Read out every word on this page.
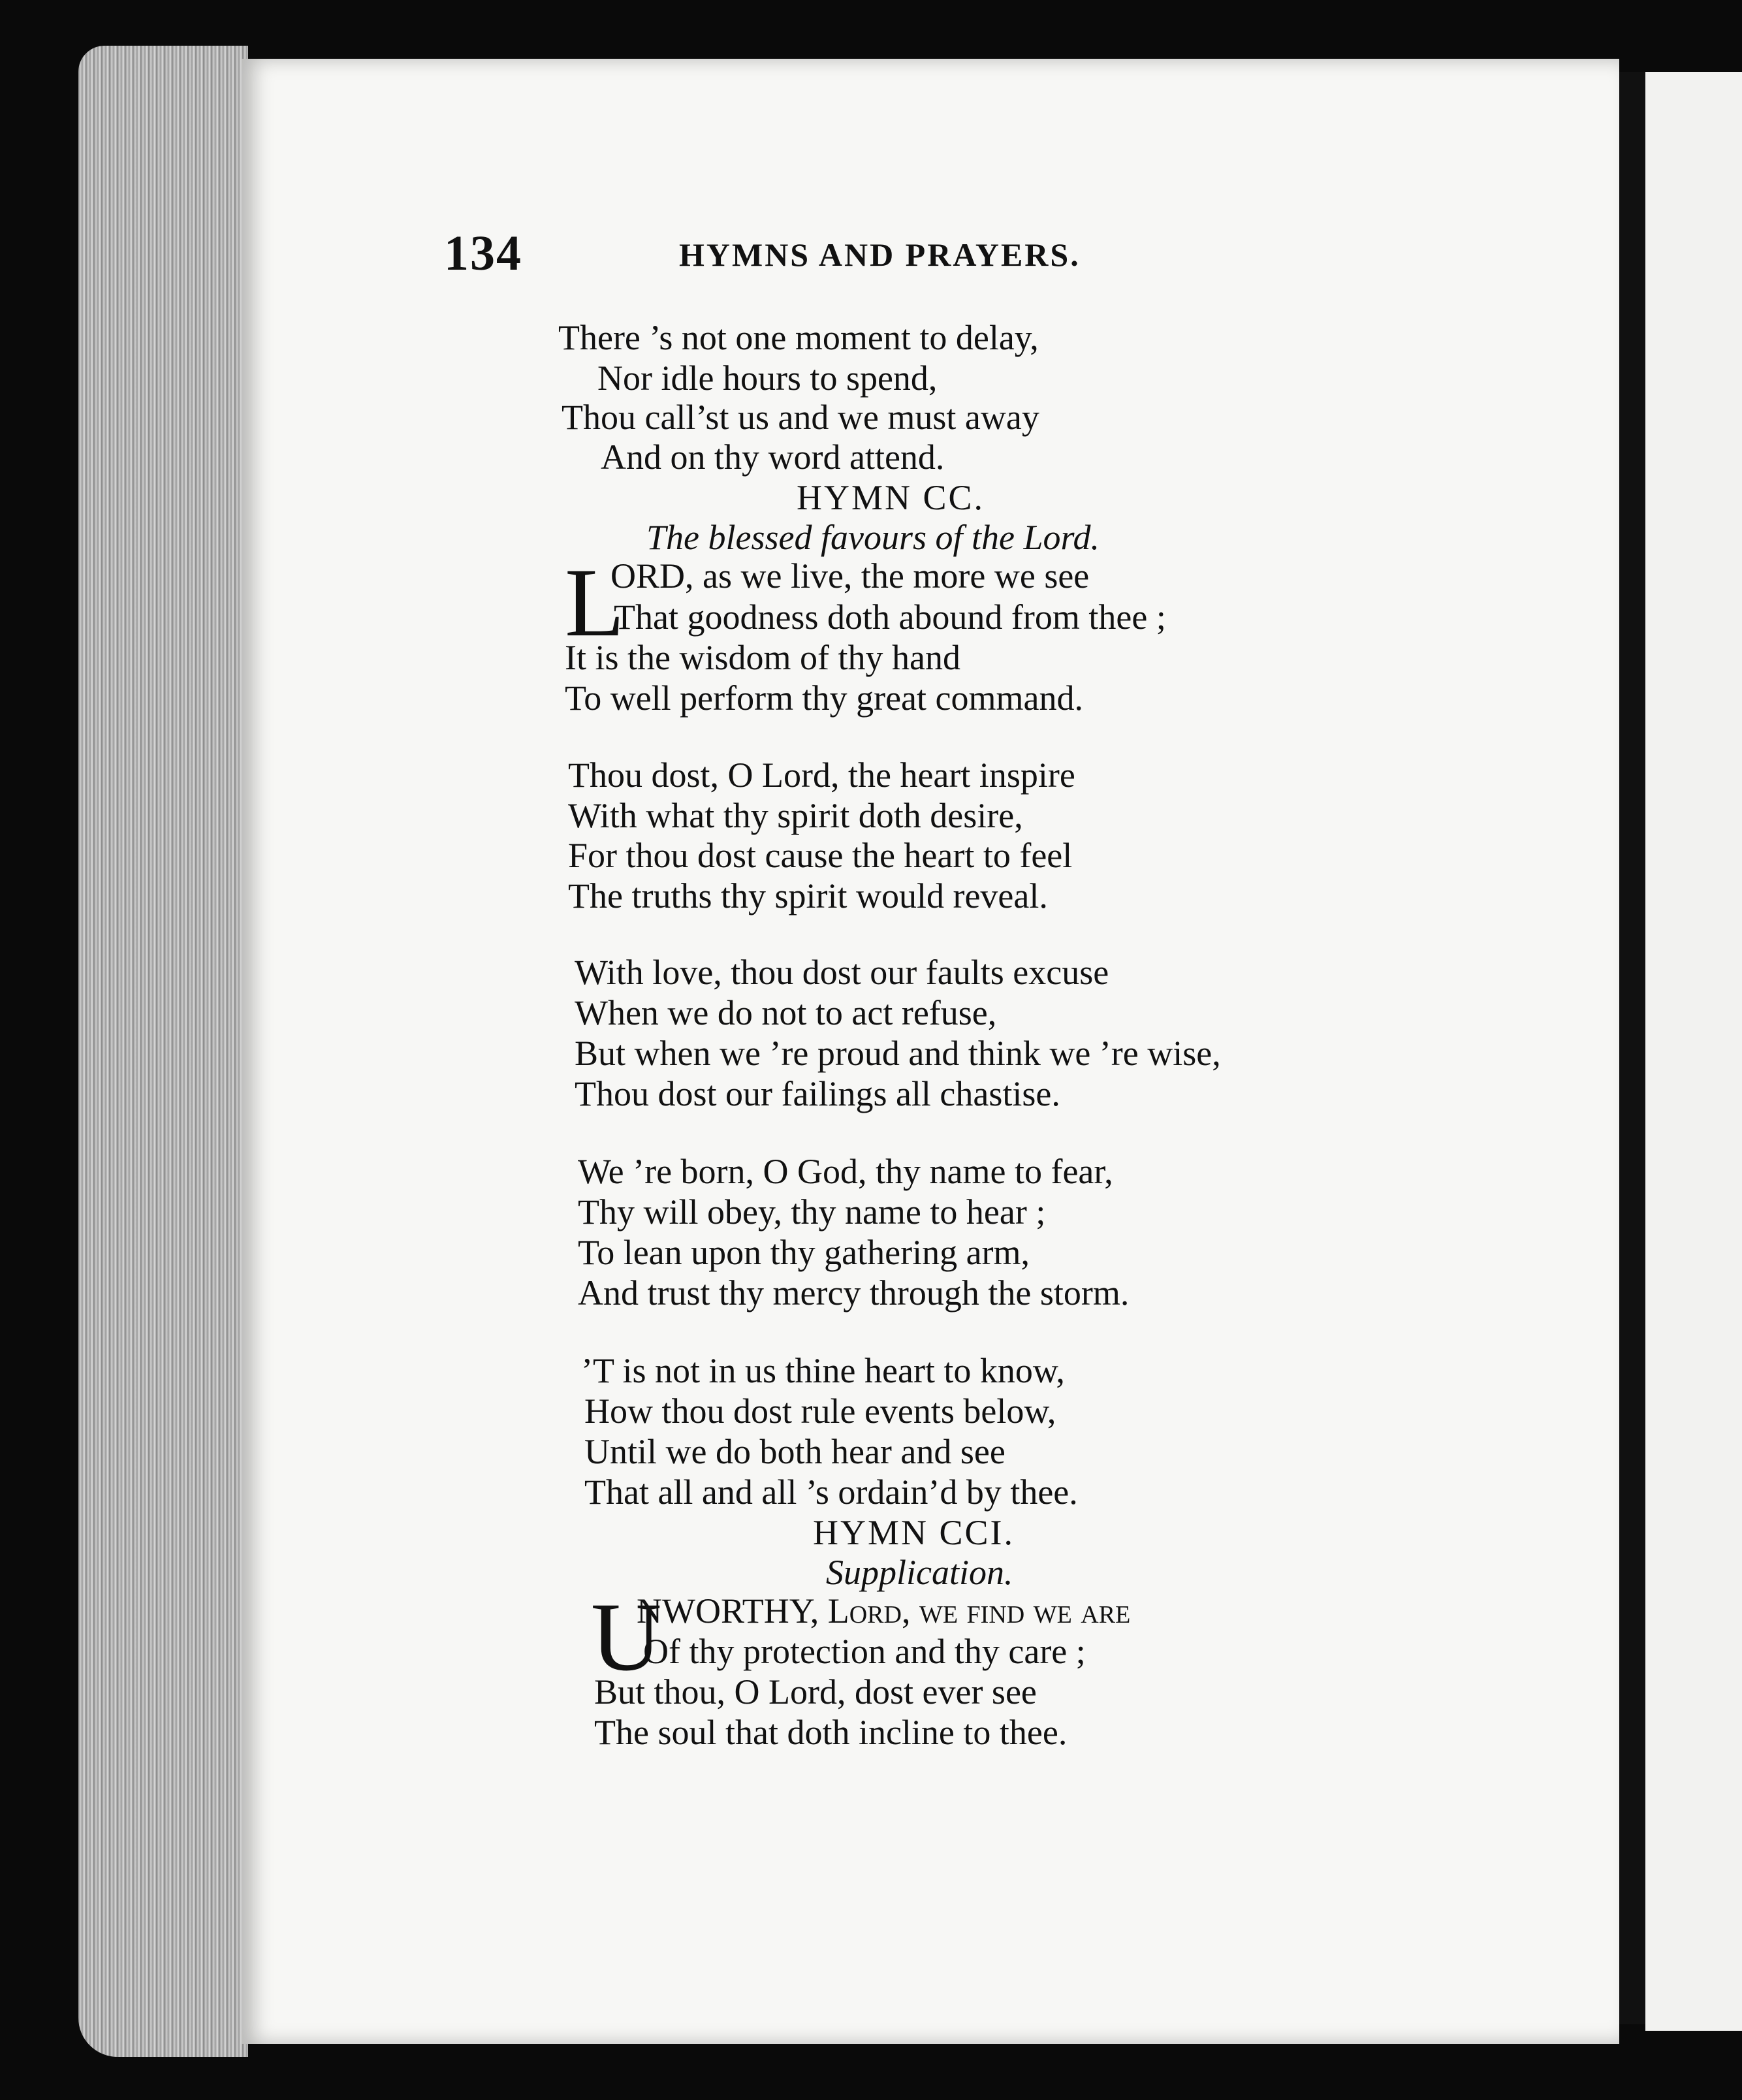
134	HYMNS AND PRAYERS.
There ’s not one moment to delay,
Nor idle hours to spend,
Thou call’st us and we must away
And on thy word attend.
HYMN CC.
The blessed favours of the Lord.
L
ORD, as we live, the more we see
That goodness doth abound from thee ;
It is the wisdom of thy hand
To well perform thy great command.
Thou dost, O Lord, the heart inspire
With what thy spirit doth desire,
For thou dost cause the heart to feel
The truths thy spirit would reveal.
With love, thou dost our faults excuse
When we do not to act refuse,
But when we ’re proud and think we ’re wise,
Thou dost our failings all chastise.
We ’re born, O God, thy name to fear,
Thy will obey, thy name to hear ;
To lean upon thy gathering arm,
And trust thy mercy through the storm.
’T is not in us thine heart to know,
How thou dost rule events below,
Until we do both hear and see
That all and all ’s ordain’d by thee.
HYMN CCI.
Supplication.
U
NWORTHY, Lord, we find we are
Of thy protection and thy care ;
But thou, O Lord, dost ever see
The soul that doth incline to thee.
